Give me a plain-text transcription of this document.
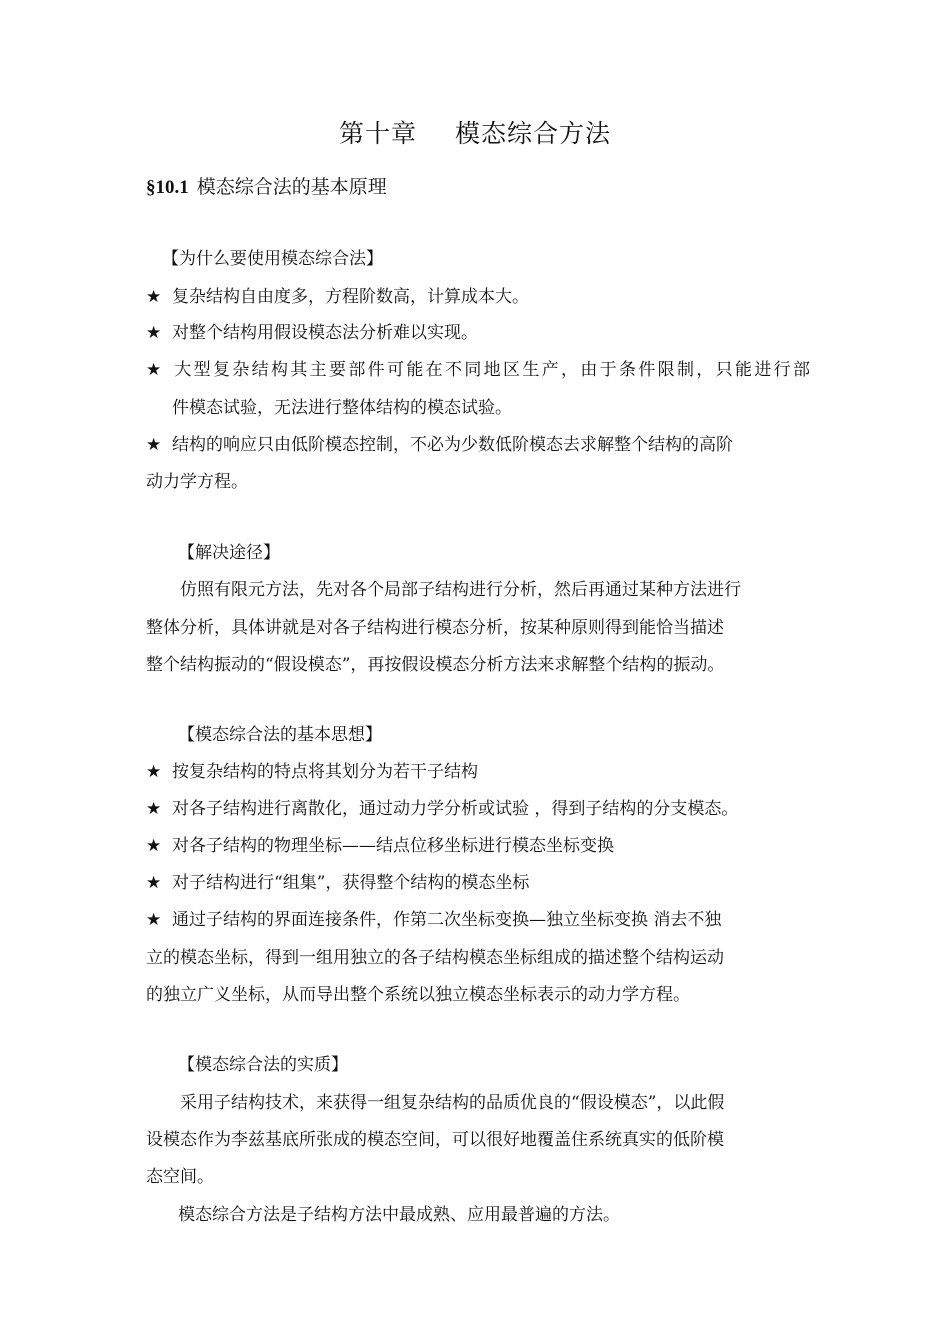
第十章 模态综合方法
§10.1 模态综合法的基本原理
【为什么要使用模态综合法】
★ 复杂结构自由度多，方程阶数高，计算成本大。
★ 对整个结构用假设模态法分析难以实现。
★ 大型复杂结构其主要部件可能在不同地区生产，由于条件限制，只能进行部
件模态试验，无法进行整体结构的模态试验。
★ 结构的响应只由低阶模态控制，不必为少数低阶模态去求解整个结构的高阶
动力学方程。
【解决途径】
仿照有限元方法，先对各个局部子结构进行分析，然后再通过某种方法进行
整体分析，具体讲就是对各子结构进行模态分析，按某种原则得到能恰当描述
整个结构振动的“假设模态”，再按假设模态分析方法来求解整个结构的振动。
【模态综合法的基本思想】
★ 按复杂结构的特点将其划分为若干子结构
★ 对各子结构进行离散化，通过动力学分析或试验 ，得到子结构的分支模态。
★ 对各子结构的物理坐标——结点位移坐标进行模态坐标变换
★ 对子结构进行“组集”，获得整个结构的模态坐标
★ 通过子结构的界面连接条件，作第二次坐标变换—独立坐标变换 消去不独
立的模态坐标，得到一组用独立的各子结构模态坐标组成的描述整个结构运动
的独立广义坐标，从而导出整个系统以独立模态坐标表示的动力学方程。
【模态综合法的实质】
采用子结构技术，来获得一组复杂结构的品质优良的“假设模态”，以此假
设模态作为李兹基底所张成的模态空间，可以很好地覆盖住系统真实的低阶模
态空间。
模态综合方法是子结构方法中最成熟、应用最普遍的方法。
